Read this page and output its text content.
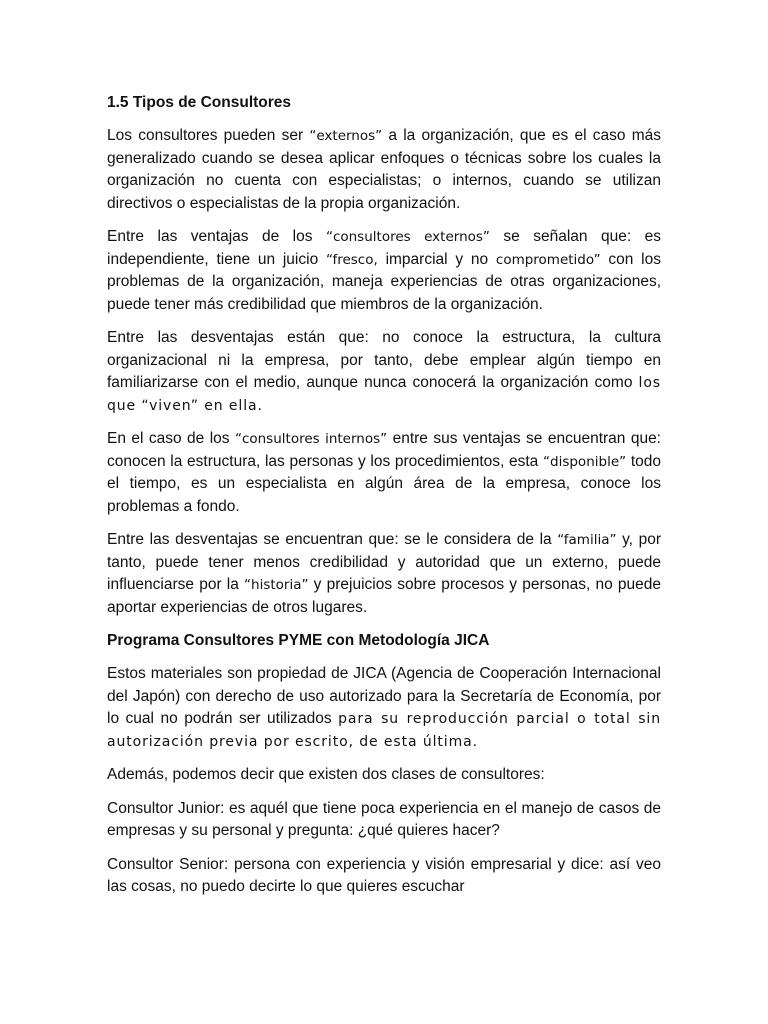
1.5 Tipos de Consultores

Los consultores pueden ser “externos” a la organización, que es el caso más generalizado cuando se desea aplicar enfoques o técnicas sobre los cuales la organización no cuenta con especialistas; o internos, cuando se utilizan directivos o especialistas de la propia organización.

Entre las ventajas de los “consultores externos” se señalan que: es independiente, tiene un juicio “fresco, imparcial y no comprometido” con los problemas de la organización, maneja experiencias de otras organizaciones, puede tener más credibilidad que miembros de la organización.

Entre las desventajas están que: no conoce la estructura, la cultura organizacional ni la empresa, por tanto, debe emplear algún tiempo en familiarizarse con el medio, aunque nunca conocerá la organización como los que “viven” en ella.

En el caso de los “consultores internos” entre sus ventajas se encuentran que: conocen la estructura, las personas y los procedimientos, esta “disponible” todo el tiempo, es un especialista en algún área de la empresa, conoce los problemas a fondo.

Entre las desventajas se encuentran que: se le considera de la “familia” y, por tanto, puede tener menos credibilidad y autoridad que un externo, puede influenciarse por la “historia” y prejuicios sobre procesos y personas, no puede aportar experiencias de otros lugares.

Programa Consultores PYME con Metodología JICA

Estos materiales son propiedad de JICA (Agencia de Cooperación Internacional del Japón) con derecho de uso autorizado para la Secretaría de Economía, por lo cual no podrán ser utilizados para su reproducción parcial o total sin autorización previa por escrito, de esta última.

Además, podemos decir que existen dos clases de consultores:

Consultor Junior: es aquél que tiene poca experiencia en el manejo de casos de empresas y su personal y pregunta: ¿qué quieres hacer?

Consultor Senior: persona con experiencia y visión empresarial y dice: así veo las cosas, no puedo decirte lo que quieres escuchar
